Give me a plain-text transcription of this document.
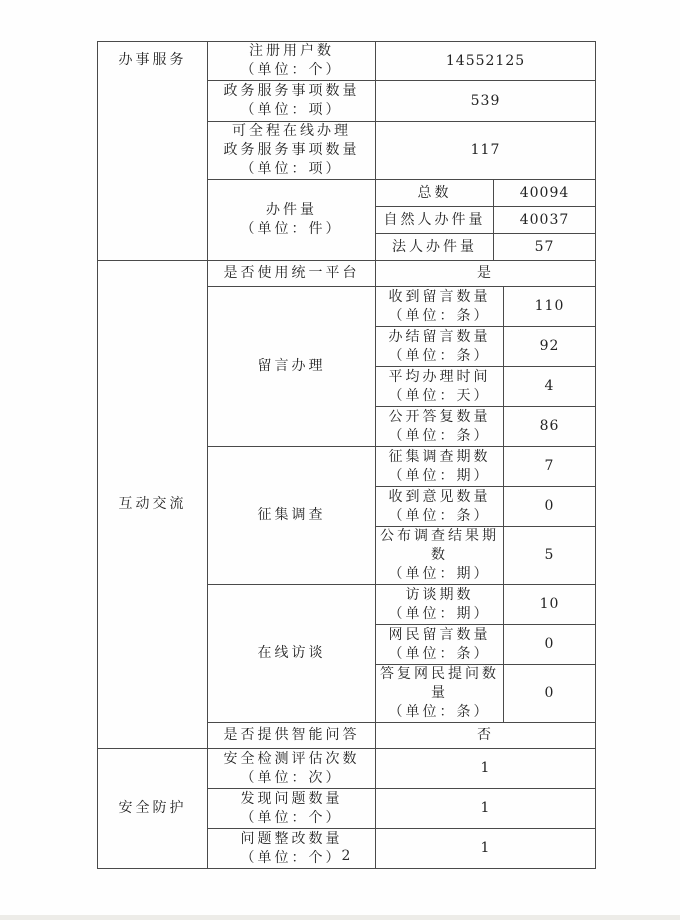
办事服务	注册用户数
（单位：个）	14552125		

	政务服务事项数量
（单位：项）	539		

	可全程在线办理
政务服务事项数量
（单位：项）	117		

	办件量
（单位：件）	总数	40094	
		自然人办件量	40037	
		法人办件量	57	
互动交流	是否使用统一平台	是		
	留言办理	收到留言数量
（单位：条）		110

		办结留言数量
（单位：条）		92

		平均办理时间
（单位：天）		4

		公开答复数量
（单位：条）		86
	征集调查	征集调查期数
（单位：期）		7

		收到意见数量
（单位：条）		0

		公布调查结果期数
（单位：期）		5
	在线访谈	访谈期数
（单位：期）		10

		网民留言数量
（单位：条）		0

		答复网民提问数量
（单位：条）		0
	是否提供智能问答	否		
安全防护	安全检测评估次数
（单位：次）	1		

	发现问题数量
（单位：个）	1		

	问题整改数量
（单位：个）	1		
2
